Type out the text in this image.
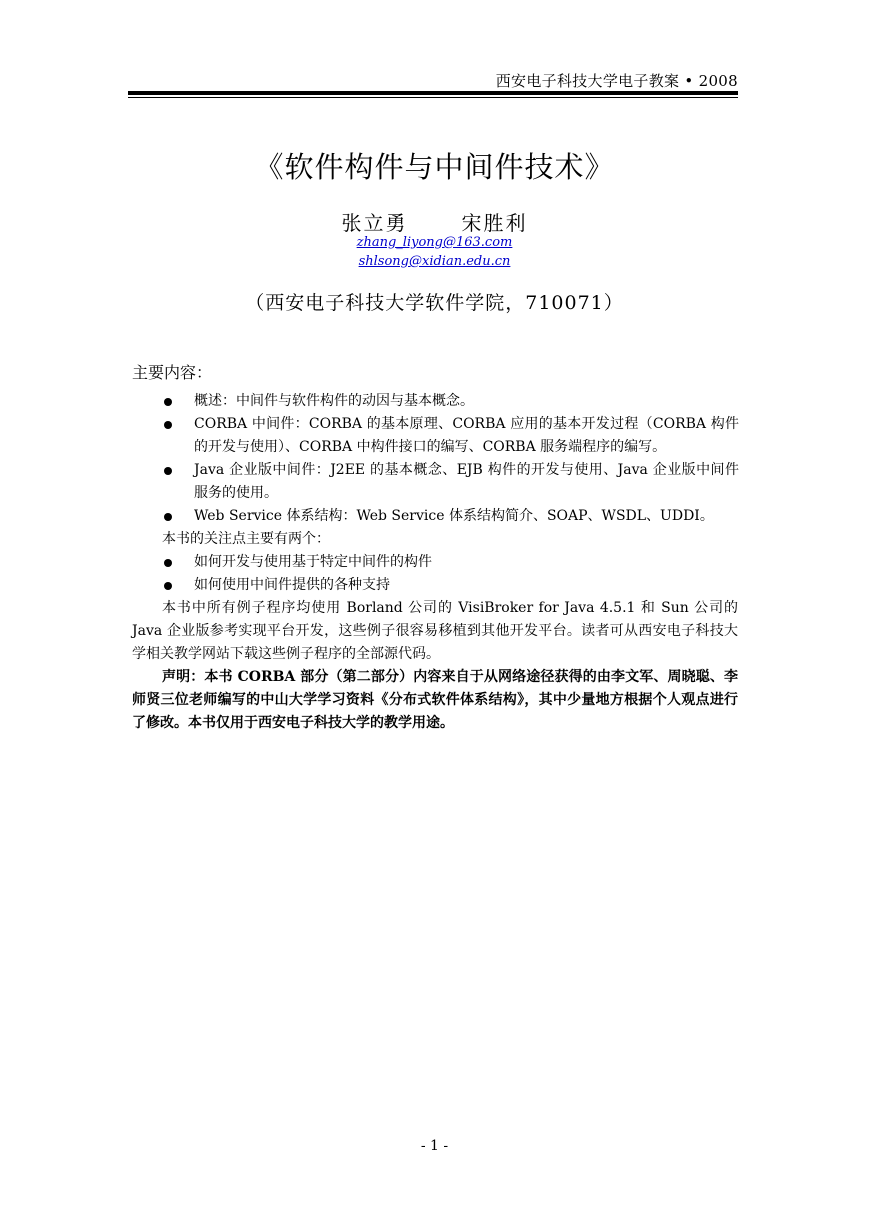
西安电子科技大学电子教案 • 2008
《软件构件与中间件技术》
张立勇	宋胜利
zhang_liyong@163.com
shlsong@xidian.edu.cn
（西安电子科技大学软件学院，710071）
主要内容：
概述：中间件与软件构件的动因与基本概念。
CORBA 中间件：CORBA 的基本原理、CORBA 应用的基本开发过程（CORBA 构件的开发与使用）、CORBA 中构件接口的编写、CORBA 服务端程序的编写。
Java 企业版中间件：J2EE 的基本概念、EJB 构件的开发与使用、Java 企业版中间件服务的使用。
Web Service 体系结构：Web Service 体系结构简介、SOAP、WSDL、UDDI。
本书的关注点主要有两个：
如何开发与使用基于特定中间件的构件
如何使用中间件提供的各种支持
本书中所有例子程序均使用 Borland 公司的 VisiBroker for Java 4.5.1 和 Sun 公司的 Java 企业版参考实现平台开发，这些例子很容易移植到其他开发平台。读者可从西安电子科技大学相关教学网站下载这些例子程序的全部源代码。
声明：本书 CORBA 部分（第二部分）内容来自于从网络途径获得的由李文军、周晓聪、李师贤三位老师编写的中山大学学习资料《分布式软件体系结构》，其中少量地方根据个人观点进行了修改。本书仅用于西安电子科技大学的教学用途。
- 1 -
